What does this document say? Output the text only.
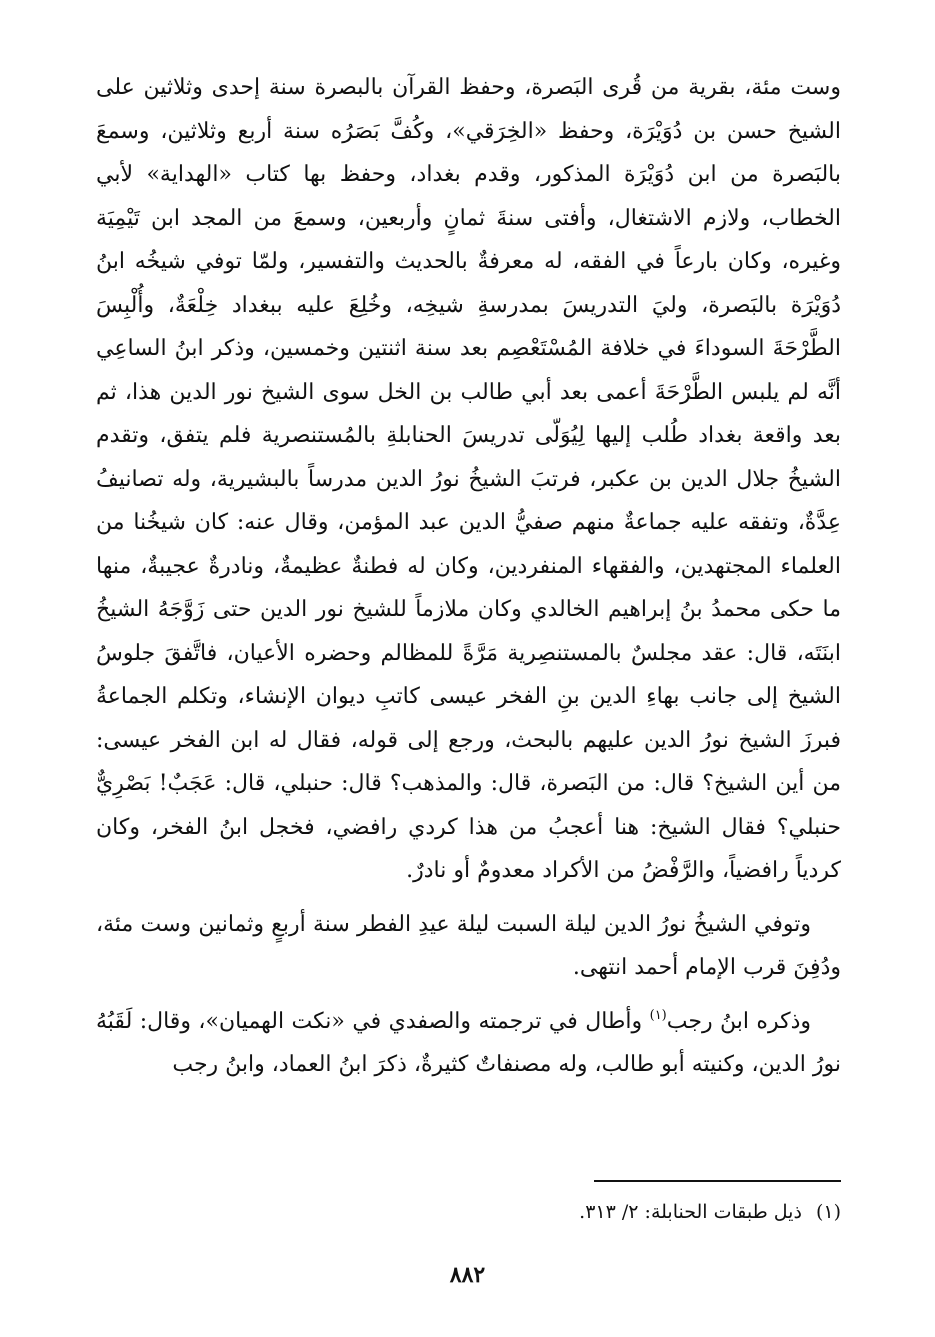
وست مئة، بقرية من قُرى البَصرة، وحفظ القرآن بالبصرة سنة إحدى وثلاثين على الشيخ حسن بن دُوَيْرَة، وحفظ «الخِرَقي»، وكُفَّ بَصَرُه سنة أربع وثلاثين، وسمعَ بالبَصرة من ابن دُوَيْرَة المذكور، وقدم بغداد، وحفظ بها كتاب «الهداية» لأبي الخطاب، ولازم الاشتغال، وأفتى سنةَ ثمانٍ وأربعين، وسمعَ من المجد ابن تَيْمِيَة وغيره، وكان بارعاً في الفقه، له معرفةٌ بالحديث والتفسير، ولمّا توفي شيخُه ابنُ دُوَيْرَة بالبَصرة، وليَ التدريسَ بمدرسةِ شيخِه، وخُلِعَ عليه ببغداد خِلْعَةٌ، وأُلْبِسَ الطَّرْحَةَ السوداءَ في خلافة المُسْتَعْصِم بعد سنة اثنتين وخمسين، وذكر ابنُ الساعِي أنَّه لم يلبس الطَّرْحَةَ أعمى بعد أبي طالب بن الخل سوى الشيخ نور الدين هذا، ثم بعد واقعة بغداد طُلب إليها لِيُوَلّى تدريسَ الحنابلةِ بالمُستنصرية فلم يتفق، وتقدم الشيخُ جلال الدين بن عكبر، فرتبَ الشيخُ نورُ الدين مدرساً بالبشيرية، وله تصانيفُ عِدَّةٌ، وتفقه عليه جماعةٌ منهم صفيُّ الدين عبد المؤمن، وقال عنه: كان شيخُنا من العلماء المجتهدين، والفقهاء المنفردين، وكان له فطنةٌ عظيمةٌ، ونادرةٌ عجيبةٌ، منها ما حكى محمدُ بنُ إبراهيم الخالدي وكان ملازماً للشيخ نور الدين حتى زَوَّجَهُ الشيخُ ابنَتَه، قال: عقد مجلسٌ بالمستنصِرية مَرَّةً للمظالم وحضره الأعيان، فاتَّفقَ جلوسُ الشيخ إلى جانب بهاءِ الدين بنِ الفخر عيسى كاتبِ ديوان الإنشاء، وتكلم الجماعةُ فبرزَ الشيخ نورُ الدين عليهم بالبحث، ورجع إلى قوله، فقال له ابن الفخر عيسى: من أين الشيخ؟ قال: من البَصرة، قال: والمذهب؟ قال: حنبلي، قال: عَجَبٌ! بَصْرِيٌّ حنبلي؟ فقال الشيخ: هنا أعجبُ من هذا كردي رافضي، فخجل ابنُ الفخر، وكان كردياً رافضياً، والرَّفْضُ من الأكراد معدومٌ أو نادرٌ.

وتوفي الشيخُ نورُ الدين ليلة السبت ليلة عيدِ الفطر سنة أربعٍ وثمانين وست مئة، ودُفِنَ قرب الإمام أحمد انتهى.

وذكره ابنُ رجب$^{(١)}$ وأطال في ترجمته والصفدي في «نكت الهميان»، وقال: لَقَبُهُ نورُ الدين، وكنيته أبو طالب، وله مصنفاتٌ كثيرةٌ، ذكرَ ابنُ العماد، وابنُ رجب

(١)ذيل طبقات الحنابلة: ٢/ ٣١٣.
٨٨٢
